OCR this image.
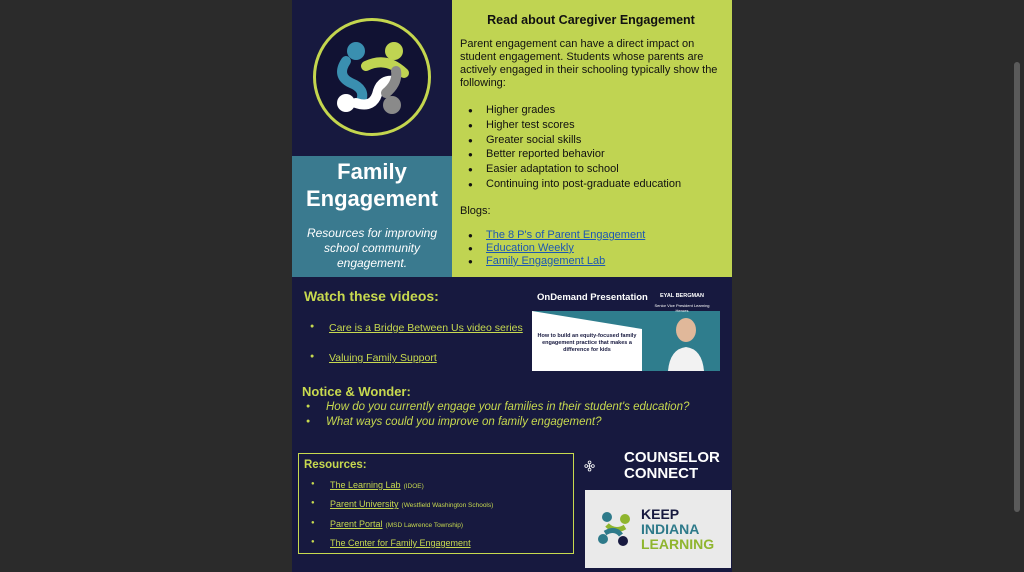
Family Engagement

Resources for improving school community engagement.

Read about Caregiver Engagement

Parent engagement can have a direct impact on student engagement. Students whose parents are actively engaged in their schooling typically show the following:

● Higher grades
● Higher test scores
● Greater social skills
● Better reported behavior
● Easier adaptation to school
● Continuing into post-graduate education

Blogs:

● The 8 P's of Parent Engagement
● Education Weekly
● Family Engagement Lab
Watch these videos:
● Care is a Bridge Between Us video series
● Valuing Family Support
OnDemand Presentation	EYAL BERGMAN
Senior Vice President Learning Heroes
How to build an equity-focused family engagement practice that makes a difference for kids
Notice & Wonder:
● How do you currently engage your families in their student's education?
● What ways could you improve on family engagement?
Resources:
● The Learning Lab (IDOE)
● Parent University (Westfield Washington Schools)
● Parent Portal (MSD Lawrence Township)
● The Center for Family Engagement
COUNSELOR
CONNECT
KEEP
INDIANA
LEARNING
